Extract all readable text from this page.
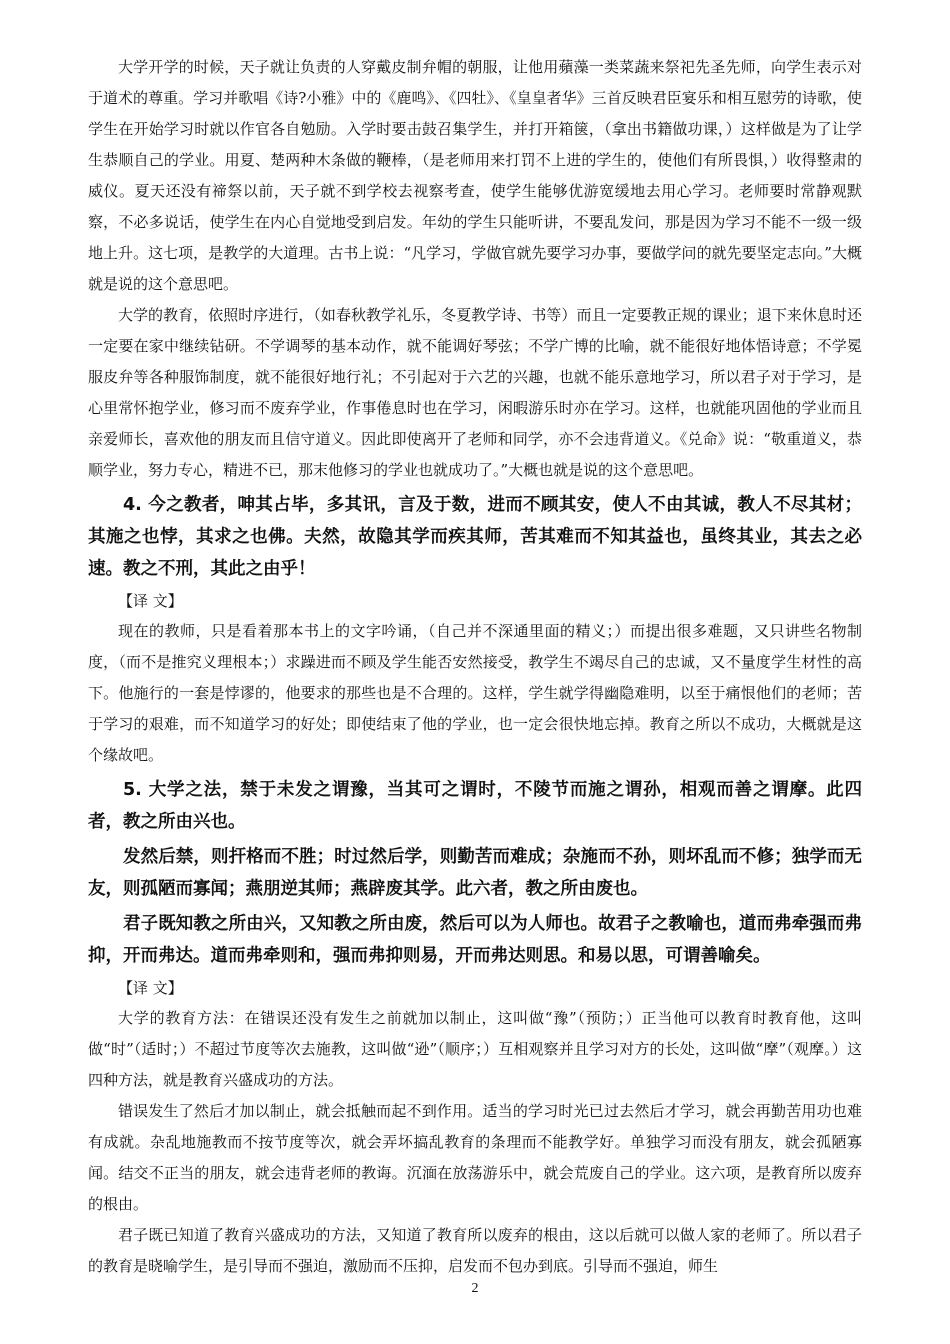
大学开学的时候，天子就让负责的人穿戴皮制弁帽的朝服，让他用蘋藻一类菜蔬来祭祀先圣先师，向学生表示对于道术的尊重。学习并歌唱《诗?小雅》中的《鹿鸣》、《四牡》、《皇皇者华》三首反映君臣宴乐和相互慰劳的诗歌，使学生在开始学习时就以作官各自勉励。入学时要击鼓召集学生，并打开箱箧，（拿出书籍做功课，）这样做是为了让学生恭顺自己的学业。用夏、楚两种木条做的鞭棒，（是老师用来打罚不上进的学生的，使他们有所畏惧，）收得整肃的威仪。夏天还没有禘祭以前，天子就不到学校去视察考查，使学生能够优游宽缓地去用心学习。老师要时常静观默察，不必多说话，使学生在内心自觉地受到启发。年幼的学生只能听讲，不要乱发问，那是因为学习不能不一级一级地上升。这七项，是教学的大道理。古书上说：“凡学习，学做官就先要学习办事，要做学问的就先要坚定志向。”大概就是说的这个意思吧。

大学的教育，依照时序进行，（如春秋教学礼乐，冬夏教学诗、书等）而且一定要教正规的课业；退下来休息时还一定要在家中继续钻研。不学调琴的基本动作，就不能调好琴弦；不学广博的比喻，就不能很好地体悟诗意；不学冕服皮弁等各种服饰制度，就不能很好地行礼；不引起对于六艺的兴趣，也就不能乐意地学习，所以君子对于学习，是心里常怀抱学业，修习而不废弃学业，作事倦息时也在学习，闲暇游乐时亦在学习。这样，也就能巩固他的学业而且亲爱师长，喜欢他的朋友而且信守道义。因此即使离开了老师和同学，亦不会违背道义。《兑命》说：“敬重道义，恭顺学业，努力专心，精进不已，那末他修习的学业也就成功了。”大概也就是说的这个意思吧。

4. 今之教者，呻其占毕，多其讯，言及于数，进而不顾其安，使人不由其诚，教人不尽其材；其施之也悖，其求之也佛。夫然，故隐其学而疾其师，苦其难而不知其益也，虽终其业，其去之必速。教之不刑，其此之由乎！

【译 文】

现在的教师，只是看着那本书上的文字吟诵，（自己并不深通里面的精义；）而提出很多难题，又只讲些名物制度，（而不是推究义理根本；）求躁进而不顾及学生能否安然接受，教学生不竭尽自己的忠诚，又不量度学生材性的高下。他施行的一套是悖谬的，他要求的那些也是不合理的。这样，学生就学得幽隐难明，以至于痛恨他们的老师；苦于学习的艰难，而不知道学习的好处；即使结束了他的学业，也一定会很快地忘掉。教育之所以不成功，大概就是这个缘故吧。

5. 大学之法，禁于未发之谓豫，当其可之谓时，不陵节而施之谓孙，相观而善之谓摩。此四者，教之所由兴也。

发然后禁，则扞格而不胜；时过然后学，则勤苦而难成；杂施而不孙，则坏乱而不修；独学而无友，则孤陋而寡闻；燕朋逆其师；燕辟废其学。此六者，教之所由废也。

君子既知教之所由兴，又知教之所由废，然后可以为人师也。故君子之教喻也，道而弗牵强而弗抑，开而弗达。道而弗牵则和，强而弗抑则易，开而弗达则思。和易以思，可谓善喻矣。

【译 文】

大学的教育方法：在错误还没有发生之前就加以制止，这叫做“豫”（预防；）正当他可以教育时教育他，这叫做“时”（适时；）不超过节度等次去施教，这叫做“逊”（顺序；）互相观察并且学习对方的长处，这叫做“摩”（观摩。）这四种方法，就是教育兴盛成功的方法。

错误发生了然后才加以制止，就会抵触而起不到作用。适当的学习时光已过去然后才学习，就会再勤苦用功也难有成就。杂乱地施教而不按节度等次，就会弄坏搞乱教育的条理而不能教学好。单独学习而没有朋友，就会孤陋寡闻。结交不正当的朋友，就会违背老师的教诲。沉湎在放荡游乐中，就会荒废自己的学业。这六项，是教育所以废弃的根由。

君子既已知道了教育兴盛成功的方法，又知道了教育所以废弃的根由，这以后就可以做人家的老师了。所以君子的教育是晓喻学生，是引导而不强迫，激励而不压抑，启发而不包办到底。引导而不强迫，师生

2
